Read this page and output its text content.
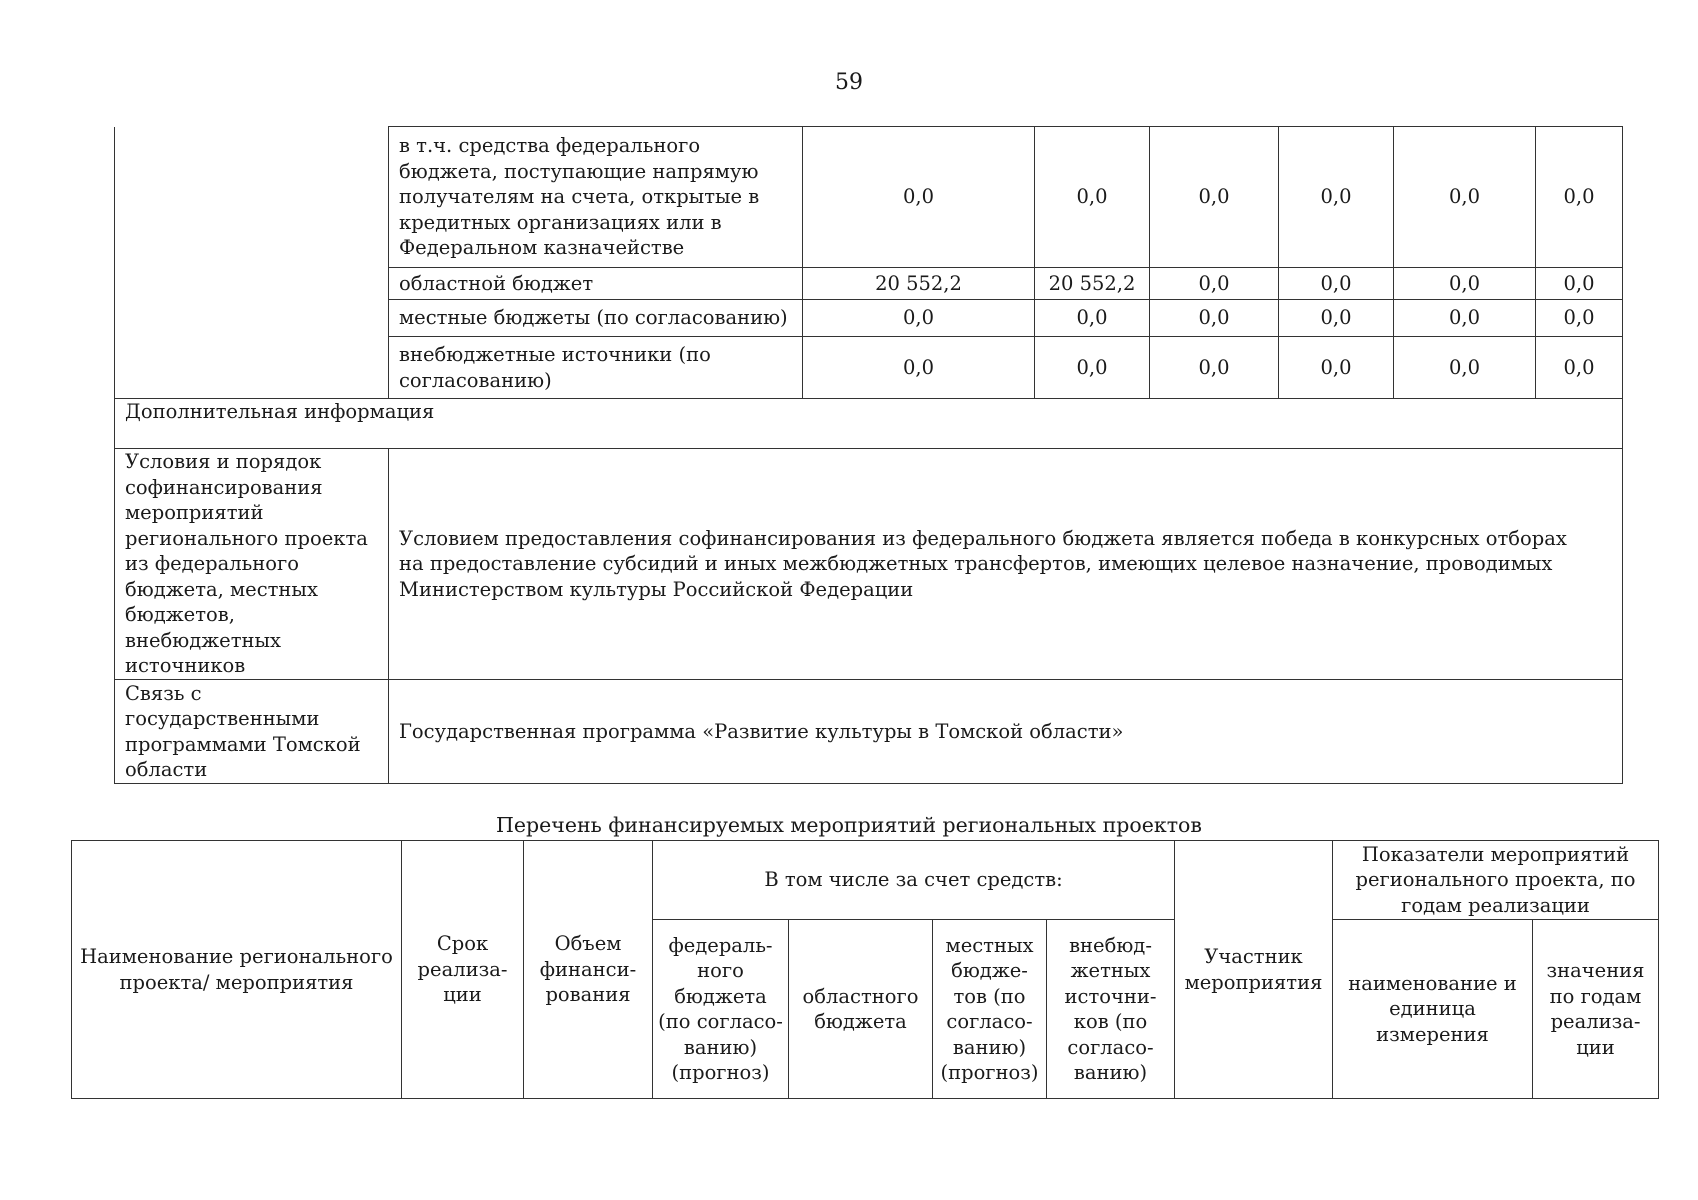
59
	в т.ч. средства федерального бюджета, поступающие напрямую получателям на счета, открытые в кредитных организациях или в Федеральном казначействе	0,0	0,0	0,0	0,0	0,0	0,0
	областной бюджет	20 552,2	20 552,2	0,0	0,0	0,0	0,0
	местные бюджеты (по согласованию)	0,0	0,0	0,0	0,0	0,0	0,0
	внебюджетные источники (по согласованию)	0,0	0,0	0,0	0,0	0,0	0,0
Дополнительная информация							
Условия и порядок софинансирования мероприятий регионального проекта из федерального бюджета, местных бюджетов, внебюджетных источников	Условием предоставления софинансирования из федерального бюджета является победа в конкурсных отборах
на предоставление субсидий и иных межбюджетных трансфертов, имеющих целевое назначение, проводимых Министерством культуры Российской Федерации						
Связь с государственными программами Томской области	Государственная программа «Развитие культуры в Томской области»						
Перечень финансируемых мероприятий региональных проектов
Наименование регионального проекта/ мероприятия	Срок реализа-ции	Объем финанси-рования	В том числе за счет средств:				Участник мероприятия	Показатели мероприятий регионального проекта, по годам реализации	
			федераль-ного бюджета (по согласо-ванию) (прогноз)	областного бюджета	местных бюдже-тов (по согласо-ванию) (прогноз)	внебюд-жетных источни-ков (по согласо-ванию)		наименование и единица измерения	значения по годам реализа-ции
